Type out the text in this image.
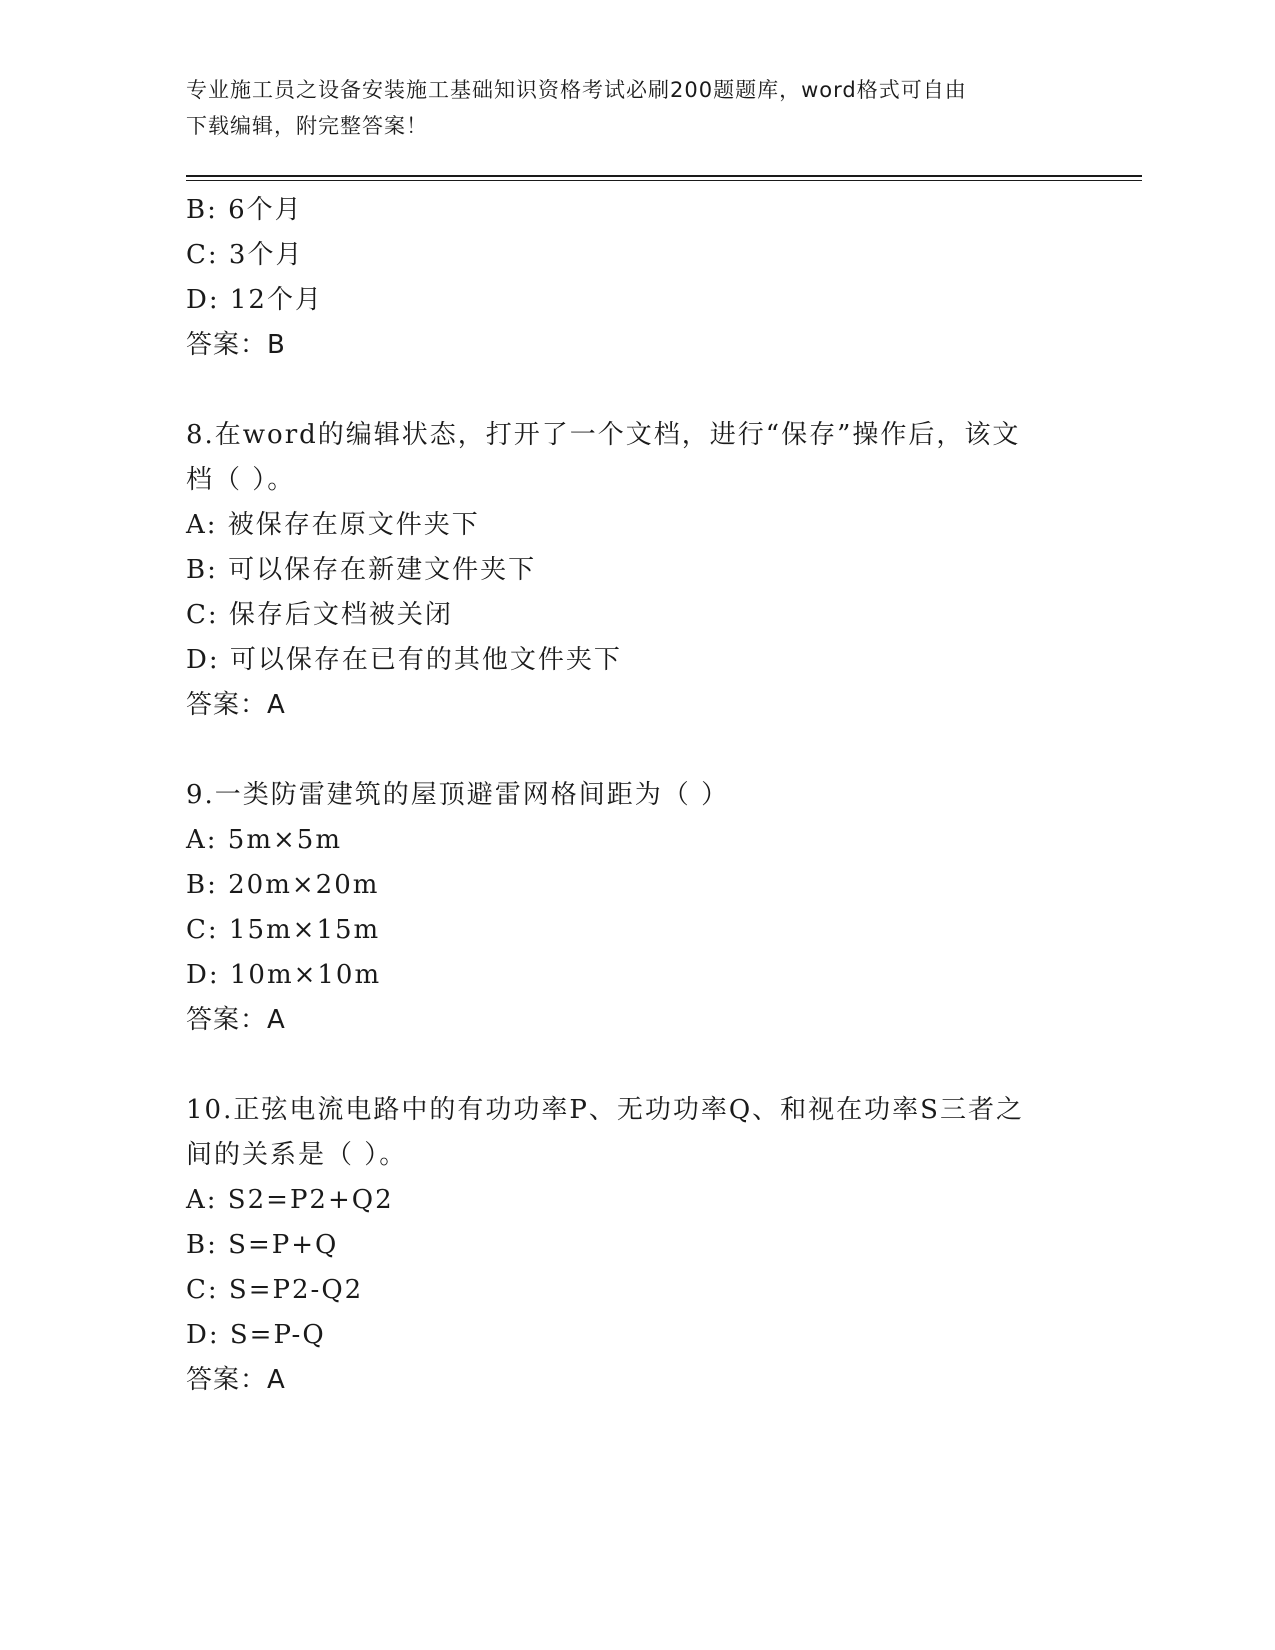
专业施工员之设备安装施工基础知识资格考试必刷200题题库，word格式可自由
下载编辑，附完整答案！
B: 6个月
C: 3个月
D: 12个月
答案：B
8.在word的编辑状态，打开了一个文档，进行“保存”操作后，该文
档（ ）。
A: 被保存在原文件夹下
B: 可以保存在新建文件夹下
C: 保存后文档被关闭
D: 可以保存在已有的其他文件夹下
答案：A
9.一类防雷建筑的屋顶避雷网格间距为（ ）
A: 5m×5m
B: 20m×20m
C: 15m×15m
D: 10m×10m
答案：A
10.正弦电流电路中的有功功率P、无功功率Q、和视在功率S三者之
间的关系是（ ）。
A: S2=P2+Q2
B: S=P+Q
C: S=P2-Q2
D: S=P-Q
答案：A
